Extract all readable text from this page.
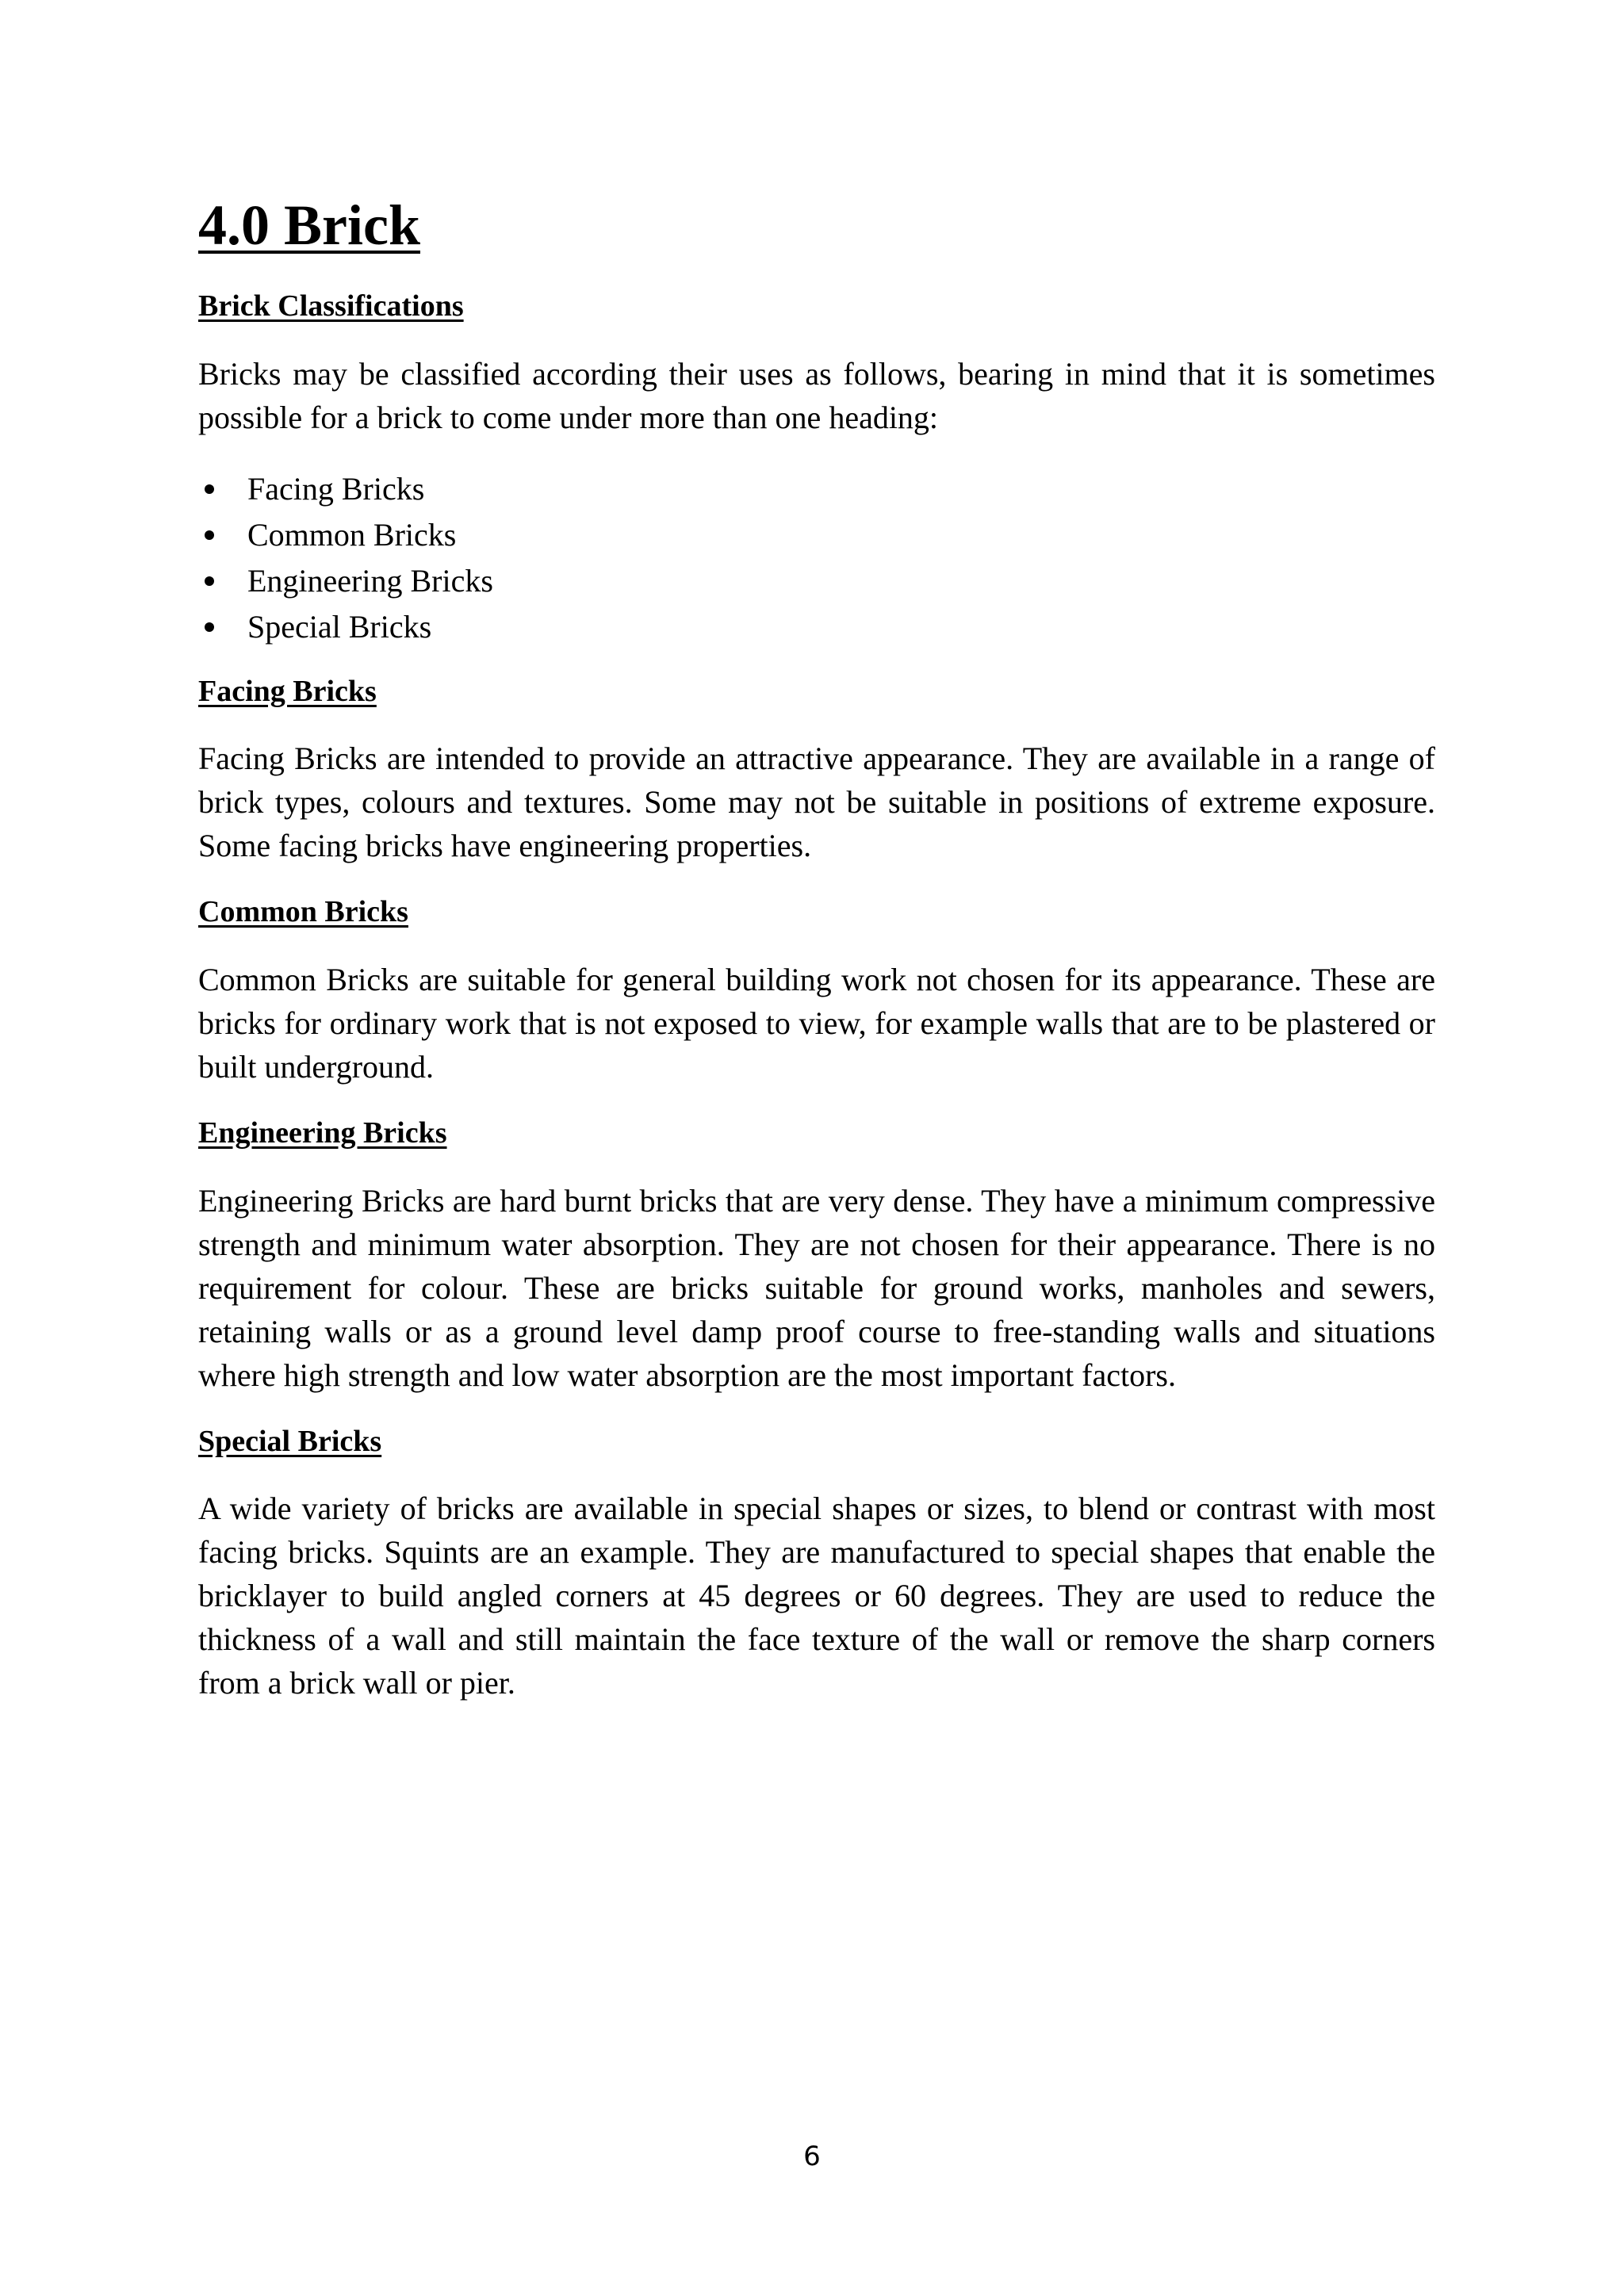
4.0 Brick
Brick Classifications

Bricks may be classified according their uses as follows, bearing in mind that it is sometimes possible for a brick to come under more than one heading:

Facing Bricks
Common Bricks
Engineering Bricks
Special Bricks
Facing Bricks

Facing Bricks are intended to provide an attractive appearance. They are available in a range of brick types, colours and textures. Some may not be suitable in positions of extreme exposure. Some facing bricks have engineering properties.

Common Bricks

Common Bricks are suitable for general building work not chosen for its appearance. These are bricks for ordinary work that is not exposed to view, for example walls that are to be plastered or built underground.

Engineering Bricks

Engineering Bricks are hard burnt bricks that are very dense. They have a minimum compressive strength and minimum water absorption. They are not chosen for their appearance. There is no requirement for colour. These are bricks suitable for ground works, manholes and sewers, retaining walls or as a ground level damp proof course to free-standing walls and situations where high strength and low water absorption are the most important factors.

Special Bricks

A wide variety of bricks are available in special shapes or sizes, to blend or contrast with most facing bricks. Squints are an example. They are manufactured to special shapes that enable the bricklayer to build angled corners at 45 degrees or 60 degrees. They are used to reduce the thickness of a wall and still maintain the face texture of the wall or remove the sharp corners from a brick wall or pier.

6
